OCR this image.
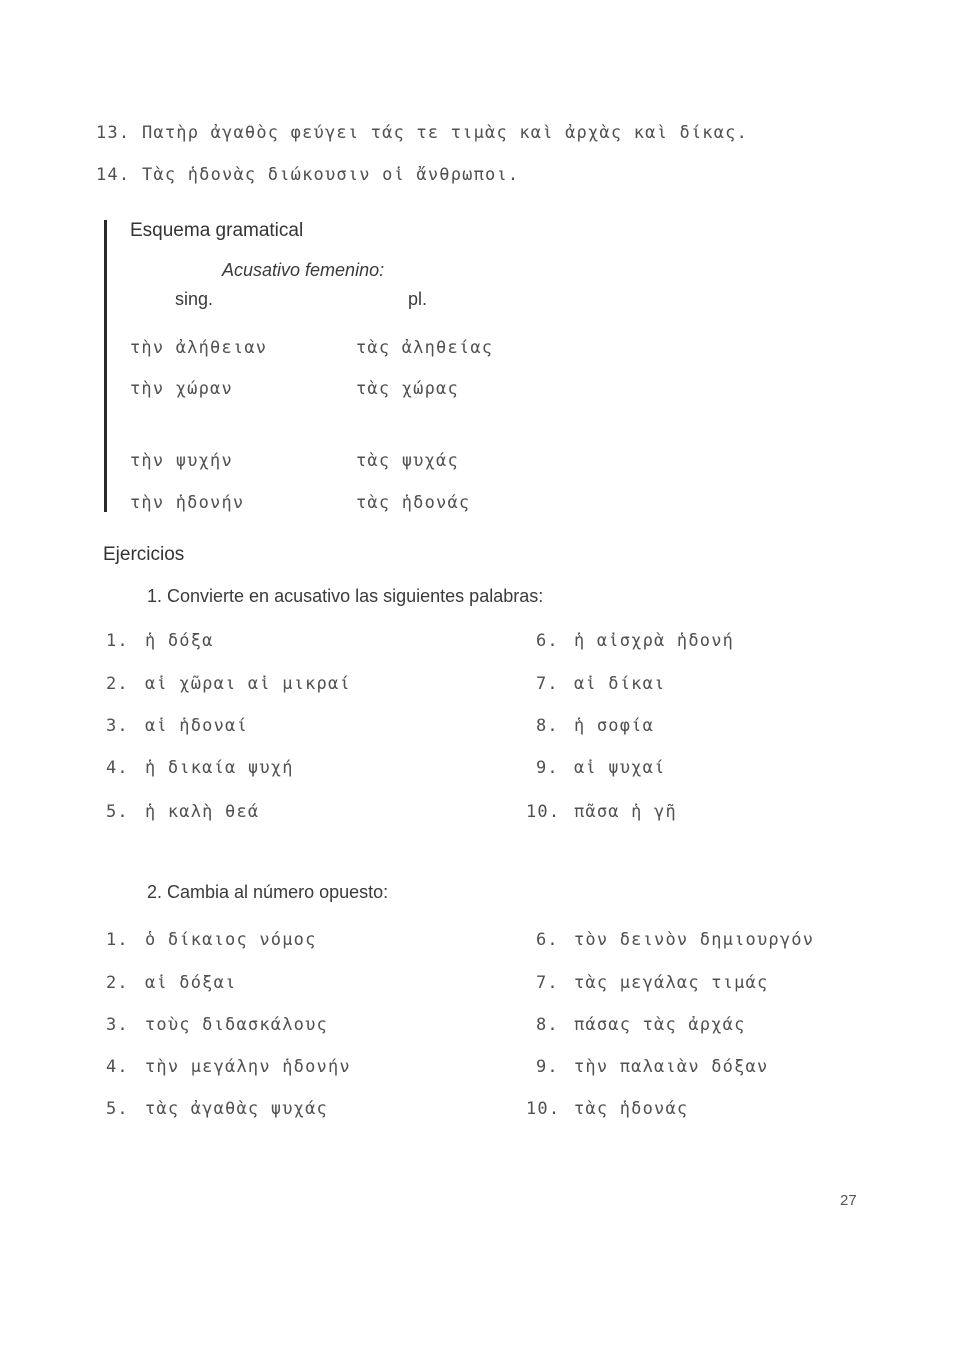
13. Πατὴρ ἀγαθὸς φεύγει τάς τε τιμὰς καὶ ἀρχὰς καὶ δίκας.
14. Τὰς ἡδονὰς διώκουσιν οἱ ἄνθρωποι.
Esquema gramatical
Acusativo femenino:
sing.	pl.
τὴν ἀλήθειαν	τὰς ἀληθείας
τὴν χώραν	τὰς χώρας
τὴν ψυχήν	τὰς ψυχάς
τὴν ἡδονήν	τὰς ἡδονάς
Ejercicios
1. Convierte en acusativo las siguientes palabras:
1. ἡ δόξα
2. αἱ χῶραι αἱ μικραί
3. αἱ ἡδοναί
4. ἡ δικαία ψυχή
5. ἡ καλὴ θεά
6. ἡ αἰσχρὰ ἡδονή
7. αἱ δίκαι
8. ἡ σοφία
9. αἱ ψυχαί
10. πᾶσα ἡ γῆ
2. Cambia al número opuesto:
1. ὁ δίκαιος νόμος
2. αἱ δόξαι
3. τοὺς διδασκάλους
4. τὴν μεγάλην ἡδονήν
5. τὰς ἀγαθὰς ψυχάς
6. τὸν δεινὸν δημιουργόν
7. τὰς μεγάλας τιμάς
8. πάσας τὰς ἀρχάς
9. τὴν παλαιὰν δόξαν
10. τὰς ἡδονάς
27
